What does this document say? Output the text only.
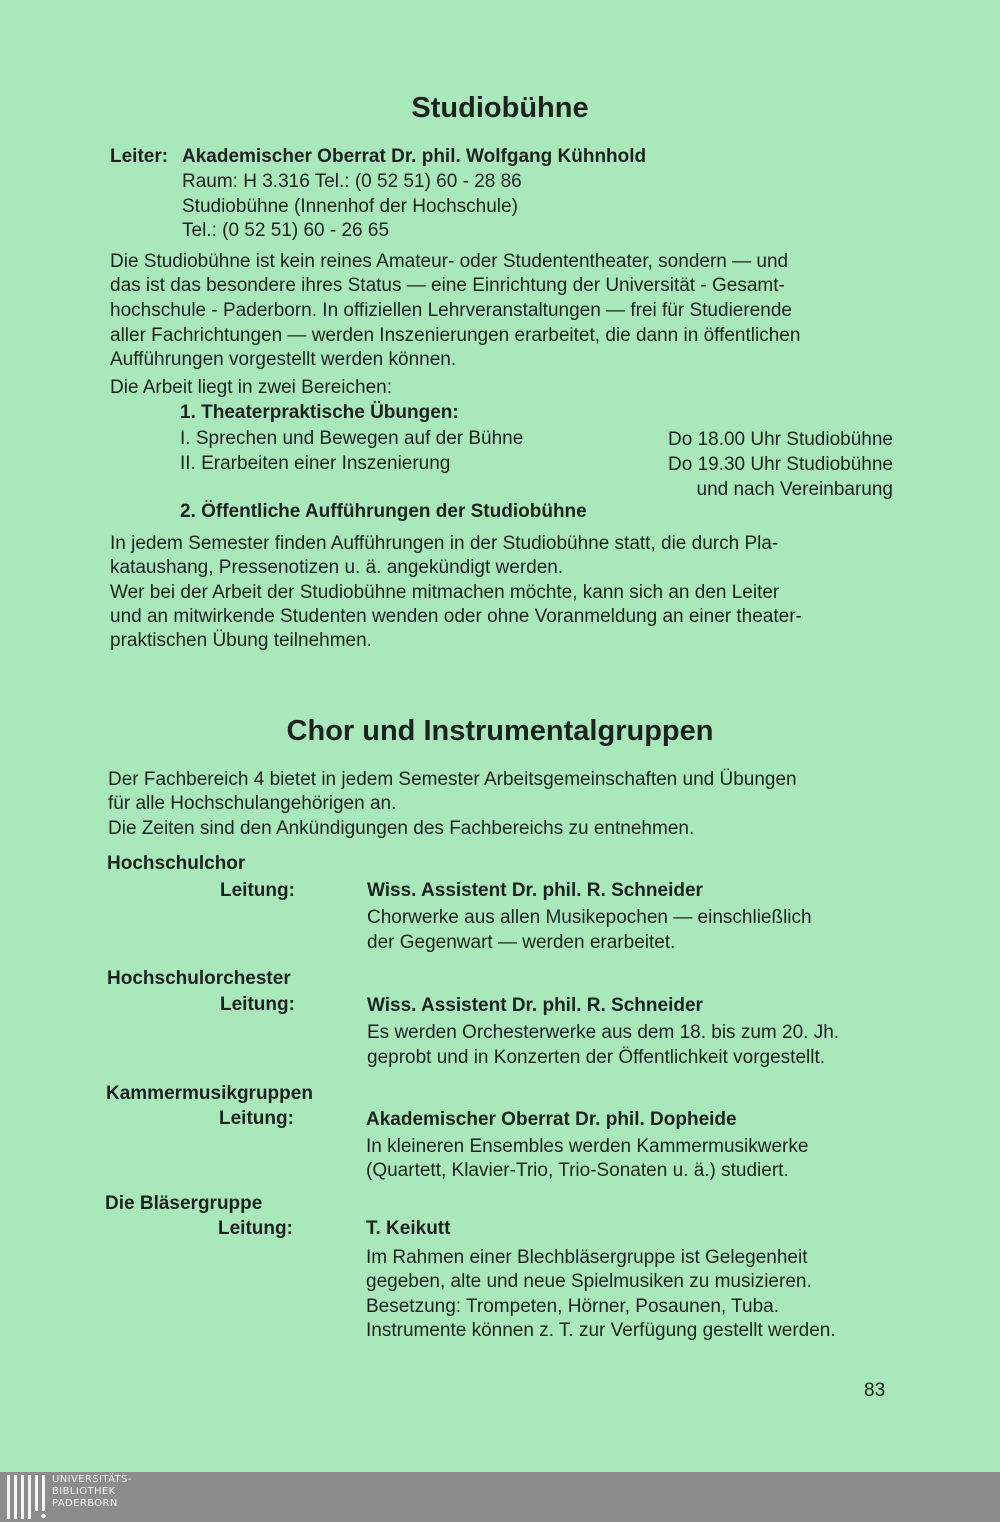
Studiobühne
Leiter: Akademischer Oberrat Dr. phil. Wolfgang Kühnhold
Raum: H 3.316 Tel.: (0 52 51) 60 - 28 86
Studiobühne (Innenhof der Hochschule)
Tel.: (0 52 51) 60 - 26 65
Die Studiobühne ist kein reines Amateur- oder Studententheater, sondern — und
das ist das besondere ihres Status — eine Einrichtung der Universität - Gesamt-
hochschule - Paderborn. In offiziellen Lehrveranstaltungen — frei für Studierende
aller Fachrichtungen — werden Inszenierungen erarbeitet, die dann in öffentlichen
Aufführungen vorgestellt werden können.
Die Arbeit liegt in zwei Bereichen:
1. Theaterpraktische Übungen:
I. Sprechen und Bewegen auf der Bühne	Do 18.00 Uhr Studiobühne
II. Erarbeiten einer Inszenierung	Do 19.30 Uhr Studiobühne
und nach Vereinbarung
2. Öffentliche Aufführungen der Studiobühne
In jedem Semester finden Aufführungen in der Studiobühne statt, die durch Pla-
kataushang, Pressenotizen u. ä. angekündigt werden.
Wer bei der Arbeit der Studiobühne mitmachen möchte, kann sich an den Leiter
und an mitwirkende Studenten wenden oder ohne Voranmeldung an einer theater-
praktischen Übung teilnehmen.
Chor und Instrumentalgruppen
Der Fachbereich 4 bietet in jedem Semester Arbeitsgemeinschaften und Übungen
für alle Hochschulangehörigen an.
Die Zeiten sind den Ankündigungen des Fachbereichs zu entnehmen.
Hochschulchor
Leitung:	Wiss. Assistent Dr. phil. R. Schneider
Chorwerke aus allen Musikepochen — einschließlich
der Gegenwart — werden erarbeitet.
Hochschulorchester
Leitung:	Wiss. Assistent Dr. phil. R. Schneider
Es werden Orchesterwerke aus dem 18. bis zum 20. Jh.
geprobt und in Konzerten der Öffentlichkeit vorgestellt.
Kammermusikgruppen
Leitung:	Akademischer Oberrat Dr. phil. Dopheide
In kleineren Ensembles werden Kammermusikwerke
(Quartett, Klavier-Trio, Trio-Sonaten u. ä.) studiert.
Die Bläsergruppe
Leitung:	T. Keikutt
Im Rahmen einer Blechbläsergruppe ist Gelegenheit
gegeben, alte und neue Spielmusiken zu musizieren.
Besetzung: Trompeten, Hörner, Posaunen, Tuba.
Instrumente können z. T. zur Verfügung gestellt werden.
83
UNIVERSITÄTS-
BIBLIOTHEK
PADERBORN
